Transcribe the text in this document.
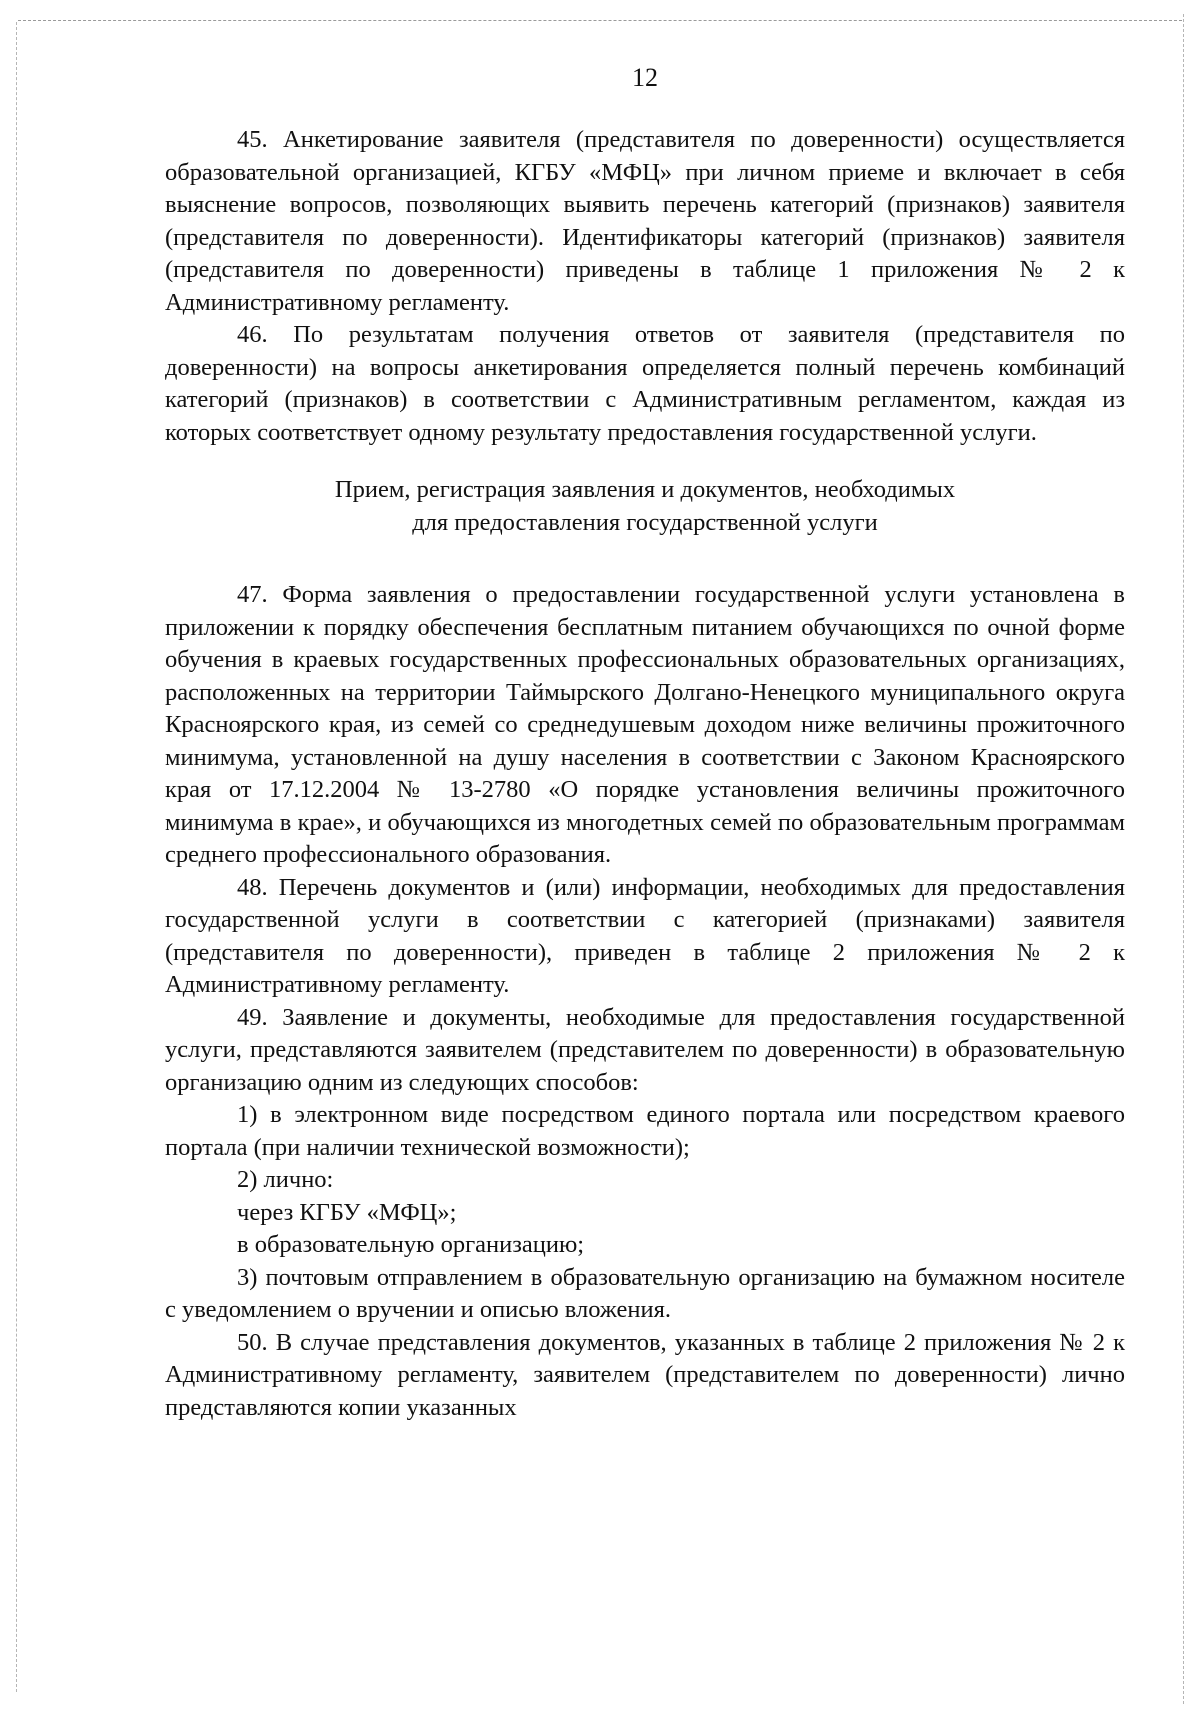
12

45. Анкетирование заявителя (представителя по доверенности) осуществляется образовательной организацией, КГБУ «МФЦ» при личном приеме и включает в себя выяснение вопросов, позволяющих выявить перечень категорий (признаков) заявителя (представителя по доверенности). Идентификаторы категорий (признаков) заявителя (представителя по доверенности) приведены в таблице 1 приложения № 2 к Административному регламенту.

46. По результатам получения ответов от заявителя (представителя по доверенности) на вопросы анкетирования определяется полный перечень комбинаций категорий (признаков) в соответствии с Административным регламентом, каждая из которых соответствует одному результату предоставления государственной услуги.

Прием, регистрация заявления и документов, необходимых
для предоставления государственной услуги

47. Форма заявления о предоставлении государственной услуги установлена в приложении к порядку обеспечения бесплатным питанием обучающихся по очной форме обучения в краевых государственных профессиональных образовательных организациях, расположенных на территории Таймырского Долгано-Ненецкого муниципального округа Красноярского края, из семей со среднедушевым доходом ниже величины прожиточного минимума, установленной на душу населения в соответствии с Законом Красноярского края от 17.12.2004 № 13-2780 «О порядке установления величины прожиточного минимума в крае», и обучающихся из многодетных семей по образовательным программам среднего профессионального образования.

48. Перечень документов и (или) информации, необходимых для предоставления государственной услуги в соответствии с категорией (признаками) заявителя (представителя по доверенности), приведен в таблице 2 приложения № 2 к Административному регламенту.

49. Заявление и документы, необходимые для предоставления государственной услуги, представляются заявителем (представителем по доверенности) в образовательную организацию одним из следующих способов:

1) в электронном виде посредством единого портала или посредством краевого портала (при наличии технической возможности);

2) лично:

через КГБУ «МФЦ»;

в образовательную организацию;

3) почтовым отправлением в образовательную организацию на бумажном носителе с уведомлением о вручении и описью вложения.

50. В случае представления документов, указанных в таблице 2 приложения № 2 к Административному регламенту, заявителем (представителем по доверенности) лично представляются копии указанных
